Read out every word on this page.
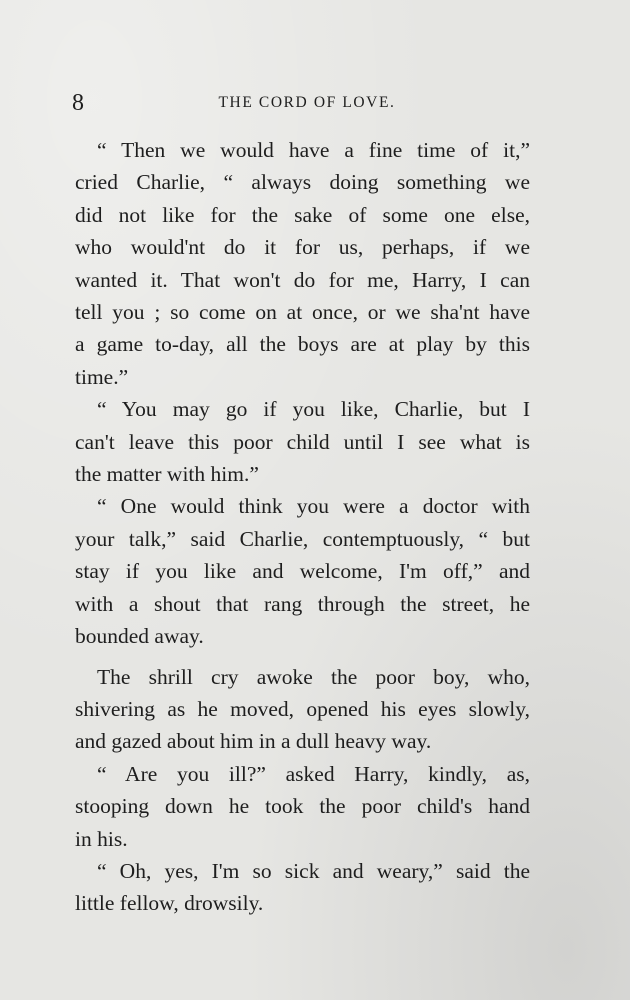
8	THE CORD OF LOVE.
“ Then we would have a fine time of it,”
cried Charlie, “ always doing something we
did not like for the sake of some one else,
who would'nt do it for us, perhaps, if we
wanted it. That won't do for me, Harry, I can
tell you ; so come on at once, or we sha'nt have
a game to-day, all the boys are at play by this
time.”
“ You may go if you like, Charlie, but I
can't leave this poor child until I see what is
the matter with him.”
“ One would think you were a doctor with
your talk,” said Charlie, contemptuously, “ but
stay if you like and welcome, I'm off,” and
with a shout that rang through the street, he
bounded away.
The shrill cry awoke the poor boy, who,
shivering as he moved, opened his eyes slowly,
and gazed about him in a dull heavy way.
“ Are you ill?” asked Harry, kindly, as,
stooping down he took the poor child's hand
in his.
“ Oh, yes, I'm so sick and weary,” said the
little fellow, drowsily.
